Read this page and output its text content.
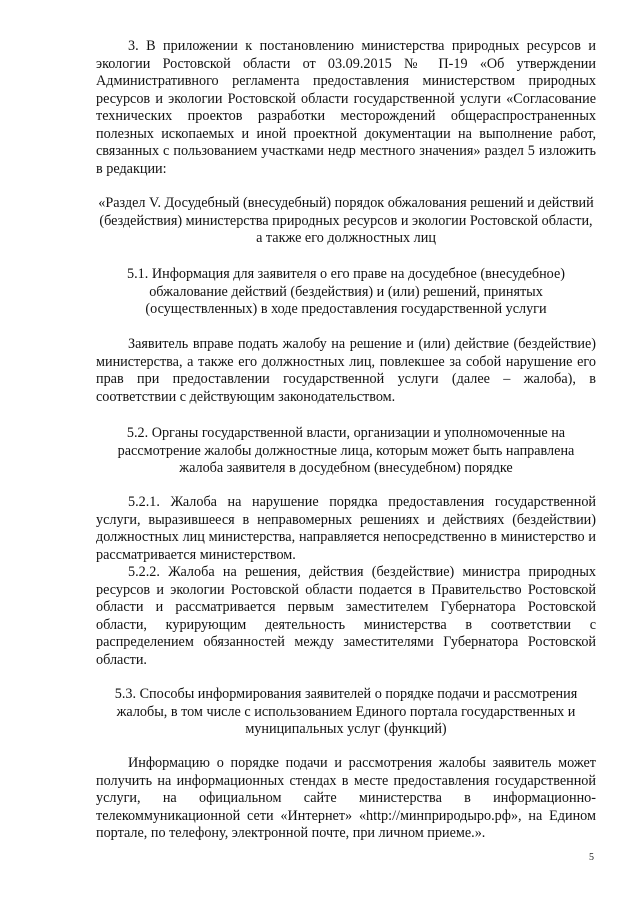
3. В приложении к постановлению министерства природных ресурсов и экологии Ростовской области от 03.09.2015 № П-19 «Об утверждении Административного регламента предоставления министерством природных ресурсов и экологии Ростовской области государственной услуги «Согласование технических проектов разработки месторождений общераспространенных полезных ископаемых и иной проектной документации на выполнение работ, связанных с пользованием участками недр местного значения» раздел 5 изложить в редакции:

«Раздел V. Досудебный (внесудебный) порядок обжалования решений и действий (бездействия) министерства природных ресурсов и экологии Ростовской области, а также его должностных лиц

5.1. Информация для заявителя о его праве на досудебное (внесудебное) обжалование действий (бездействия) и (или) решений, принятых (осуществленных) в ходе предоставления государственной услуги

Заявитель вправе подать жалобу на решение и (или) действие (бездействие) министерства, а также его должностных лиц, повлекшее за собой нарушение его прав при предоставлении государственной услуги (далее – жалоба), в соответствии с действующим законодательством.

5.2. Органы государственной власти, организации и уполномоченные на рассмотрение жалобы должностные лица, которым может быть направлена жалоба заявителя в досудебном (внесудебном) порядке

5.2.1. Жалоба на нарушение порядка предоставления государственной услуги, выразившееся в неправомерных решениях и действиях (бездействии) должностных лиц министерства, направляется непосредственно в министерство и рассматривается министерством.

5.2.2. Жалоба на решения, действия (бездействие) министра природных ресурсов и экологии Ростовской области подается в Правительство Ростовской области и рассматривается первым заместителем Губернатора Ростовской области, курирующим деятельность министерства в соответствии с распределением обязанностей между заместителями Губернатора Ростовской области.

5.3. Способы информирования заявителей о порядке подачи и рассмотрения жалобы, в том числе с использованием Единого портала государственных и муниципальных услуг (функций)

Информацию о порядке подачи и рассмотрения жалобы заявитель может получить на информационных стендах в месте предоставления государственной услуги, на официальном сайте министерства в информационно-телекоммуникационной сети «Интернет» «http://минприродыро.рф», на Едином портале, по телефону, электронной почте, при личном приеме.».

5
